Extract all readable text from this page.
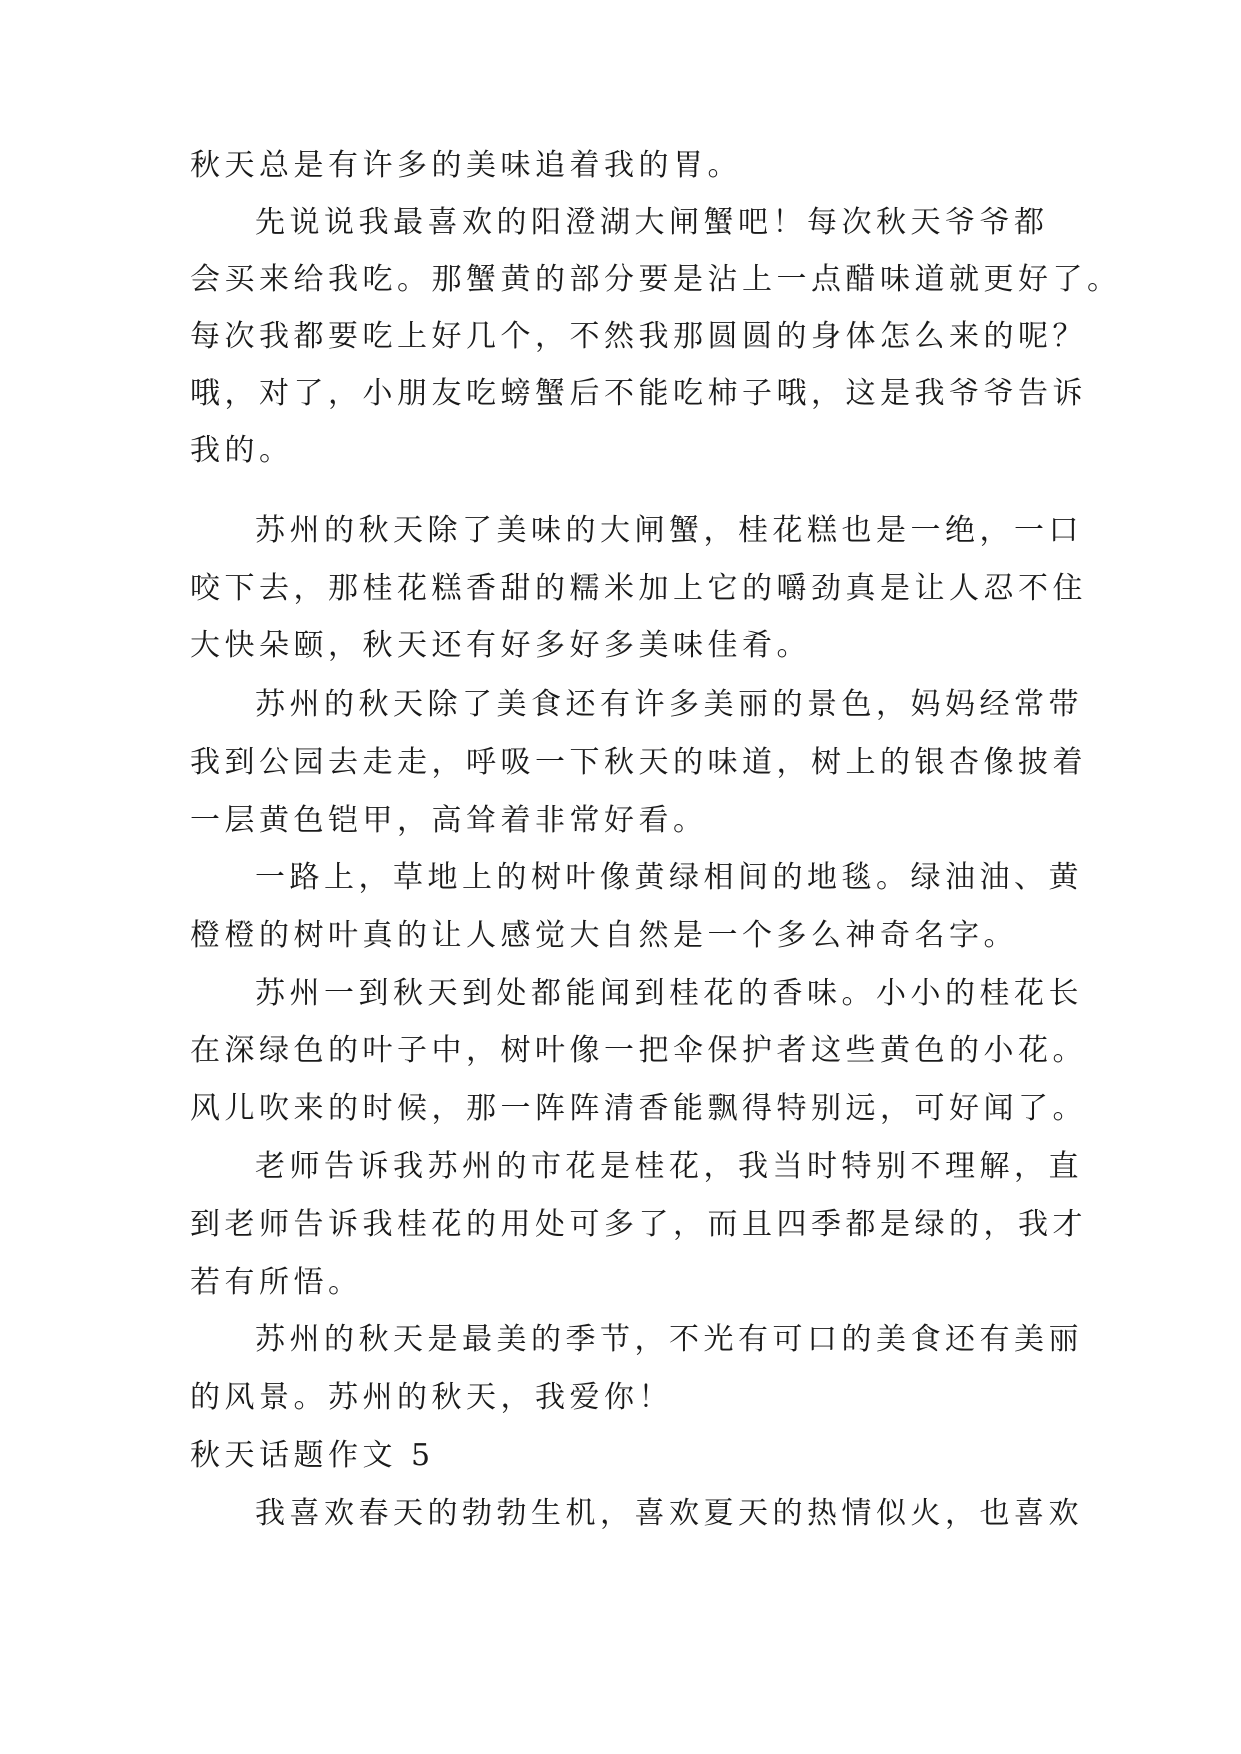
秋天总是有许多的美味追着我的胃。

先说说我最喜欢的阳澄湖大闸蟹吧！每次秋天爷爷都

会买来给我吃。那蟹黄的部分要是沾上一点醋味道就更好了。

每次我都要吃上好几个，不然我那圆圆的身体怎么来的呢？

哦，对了，小朋友吃螃蟹后不能吃柿子哦，这是我爷爷告诉

我的。

苏州的秋天除了美味的大闸蟹，桂花糕也是一绝，一口

咬下去，那桂花糕香甜的糯米加上它的嚼劲真是让人忍不住

大快朵颐，秋天还有好多好多美味佳肴。

苏州的秋天除了美食还有许多美丽的景色，妈妈经常带

我到公园去走走，呼吸一下秋天的味道，树上的银杏像披着

一层黄色铠甲，高耸着非常好看。

一路上，草地上的树叶像黄绿相间的地毯。绿油油、黄

橙橙的树叶真的让人感觉大自然是一个多么神奇名字。

苏州一到秋天到处都能闻到桂花的香味。小小的桂花长

在深绿色的叶子中，树叶像一把伞保护者这些黄色的小花。

风儿吹来的时候，那一阵阵清香能飘得特别远，可好闻了。

老师告诉我苏州的市花是桂花，我当时特别不理解，直

到老师告诉我桂花的用处可多了，而且四季都是绿的，我才

若有所悟。

苏州的秋天是最美的季节，不光有可口的美食还有美丽

的风景。苏州的秋天，我爱你！

秋天话题作文 5

我喜欢春天的勃勃生机，喜欢夏天的热情似火，也喜欢
